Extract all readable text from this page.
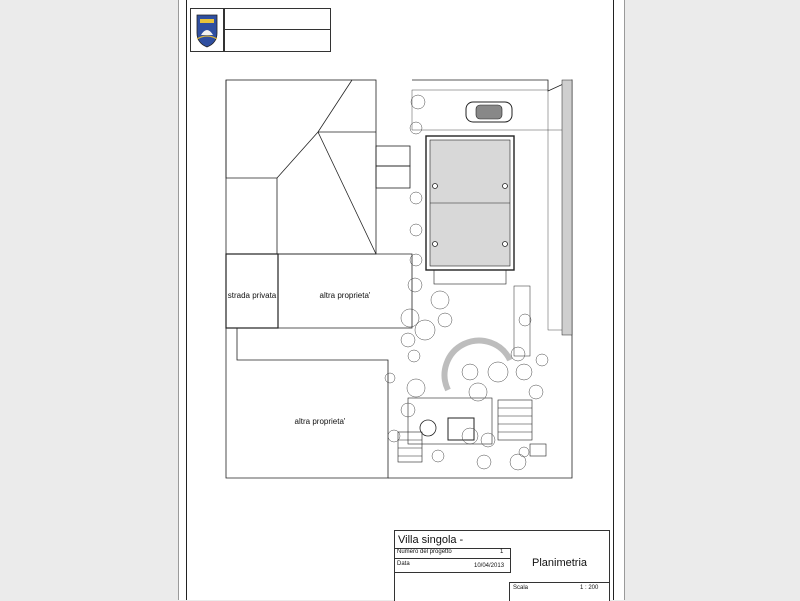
strada privata	altra proprieta'
altra proprieta'
Villa singola -
Numero del progetto	1
Data	10/04/2013	Planimetria
Scala	1 : 200
